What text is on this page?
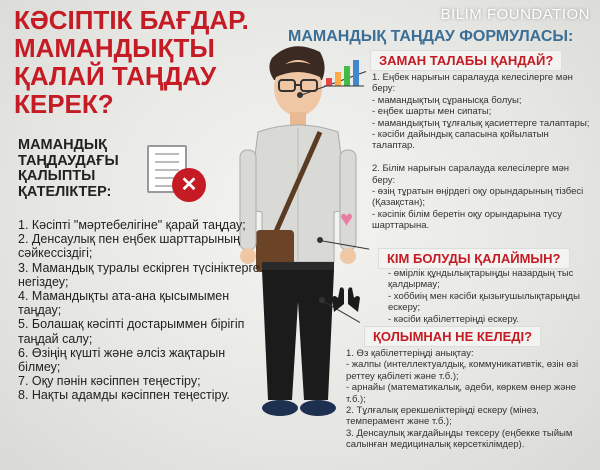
BILIM FOUNDATION
КӘСІПТІК БАҒДАР. МАМАНДЫҚТЫ ҚАЛАЙ ТАҢДАУ КЕРЕК?
МАМАНДЫҚ ТАҢДАУ ФОРМУЛАСЫ:
ЗАМАН ТАЛАБЫ ҚАНДАЙ?
1. Еңбек нарығын саралауда келесілерге мән беру:
- мамандықтың сұранысқа болуы;
- еңбек шарты мен сипаты;
- мамандықтың тұлғалық қасиеттерге талаптары;
- кәсіби дайындық сапасына қойылатын талаптар.

2. Білім нарығын саралауда келесілерге мән беру:
- өзің тұратын өңірдегі оқу орындарының тізбесі (Қазақстан);
- кәсіпік білім беретін оқу орындарына түсу шарттарына.
♥
КІМ БОЛУДЫ ҚАЛАЙМЫН?
- өмірлік құндылықтарыңды назардың тыс қалдырмау;
- хоббиің мен кәсіби қызығушылықтарыңды ескеру;
- кәсіби қабілеттеріңді ескеру.
ҚОЛЫМНАН НЕ КЕЛЕДІ?
1. Өз қабілеттеріңді анықтау:
- жалпы (интеллектуалдық, коммуникативтік, өзін өзі реттеу қабілеті және т.б.);
- арнайы (математикалық, әдеби, көркем өнер және т.б.);
2. Тұлғалық ерекшеліктеріңді ескеру (мінез, темперамент және т.б.);
3. Денсаулық жағдайыңды тексеру (еңбекке тыйым салынған медициналық көрсеткілімдер).
✕
МАМАНДЫҚ ТАҢДАУДАҒЫ ҚАЛЫПТЫ ҚАТЕЛІКТЕР:
1. Кәсіпті "мәртебелігіне" қарай таңдау;
2. Денсаулық пен еңбек шарттарының сәйкессіздігі;
3. Мамандық туралы ескірген түсініктерге негіздеу;
4. Мамандықты ата-ана қысымымен таңдау;
5. Болашақ кәсіпті достарыммен бірігіп таңдай салу;
6. Өзіңің күшті және әлсіз жақтарын білмеу;
7. Оқу пәнін кәсіппен теңестіру;
8. Нақты адамды кәсіппен теңестіру.
